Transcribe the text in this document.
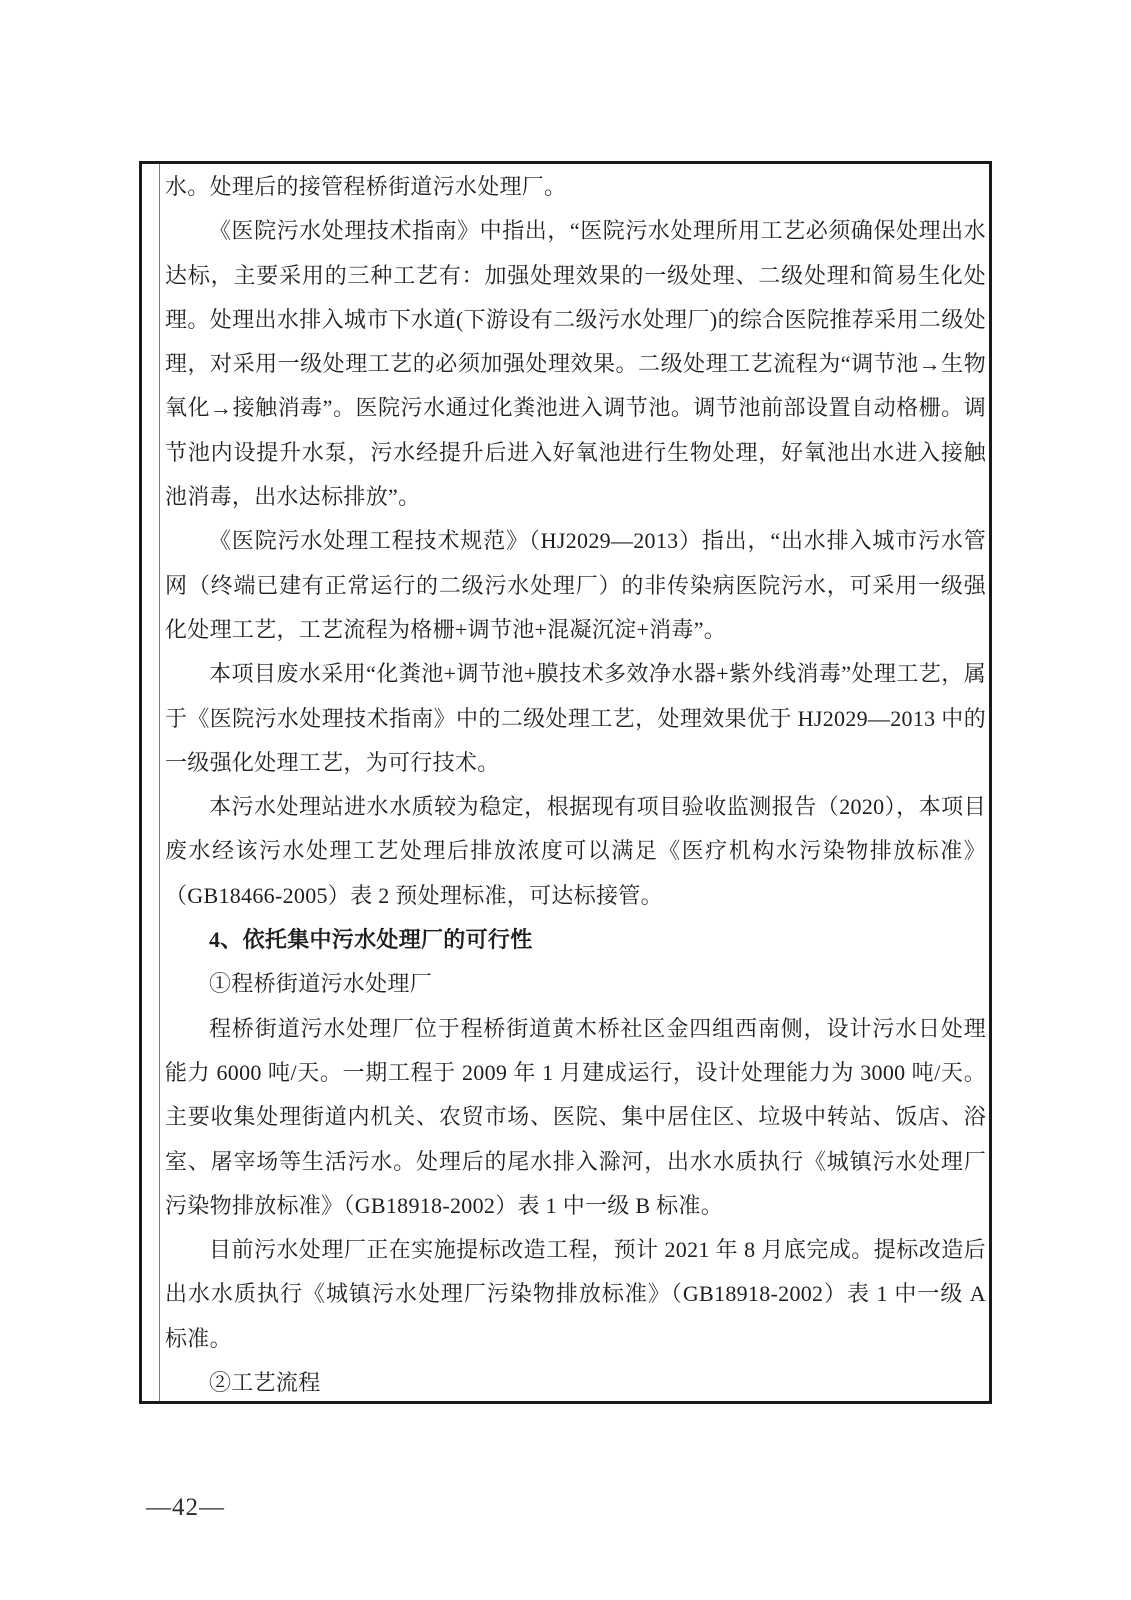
水。处理后的接管程桥街道污水处理厂。

《医院污水处理技术指南》中指出，“医院污水处理所用工艺必须确保处理出水达标，主要采用的三种工艺有：加强处理效果的一级处理、二级处理和简易生化处理。处理出水排入城市下水道(下游设有二级污水处理厂)的综合医院推荐采用二级处理，对采用一级处理工艺的必须加强处理效果。二级处理工艺流程为“调节池→生物氧化→接触消毒”。医院污水通过化粪池进入调节池。调节池前部设置自动格栅。调节池内设提升水泵，污水经提升后进入好氧池进行生物处理，好氧池出水进入接触池消毒，出水达标排放”。

《医院污水处理工程技术规范》（HJ2029—2013）指出，“出水排入城市污水管网（终端已建有正常运行的二级污水处理厂）的非传染病医院污水，可采用一级强化处理工艺，工艺流程为格栅+调节池+混凝沉淀+消毒”。

本项目废水采用“化粪池+调节池+膜技术多效净水器+紫外线消毒”处理工艺，属于《医院污水处理技术指南》中的二级处理工艺，处理效果优于 HJ2029—2013 中的一级强化处理工艺，为可行技术。

本污水处理站进水水质较为稳定，根据现有项目验收监测报告（2020），本项目废水经该污水处理工艺处理后排放浓度可以满足《医疗机构水污染物排放标准》（GB18466-2005）表 2 预处理标准，可达标接管。

4、依托集中污水处理厂的可行性

①程桥街道污水处理厂

程桥街道污水处理厂位于程桥街道黄木桥社区金四组西南侧，设计污水日处理能力 6000 吨/天。一期工程于 2009 年 1 月建成运行，设计处理能力为 3000 吨/天。主要收集处理街道内机关、农贸市场、医院、集中居住区、垃圾中转站、饭店、浴室、屠宰场等生活污水。处理后的尾水排入滁河，出水水质执行《城镇污水处理厂污染物排放标准》（GB18918-2002）表 1 中一级 B 标准。

目前污水处理厂正在实施提标改造工程，预计 2021 年 8 月底完成。提标改造后出水水质执行《城镇污水处理厂污染物排放标准》（GB18918-2002）表 1 中一级 A 标准。

②工艺流程

—42—
